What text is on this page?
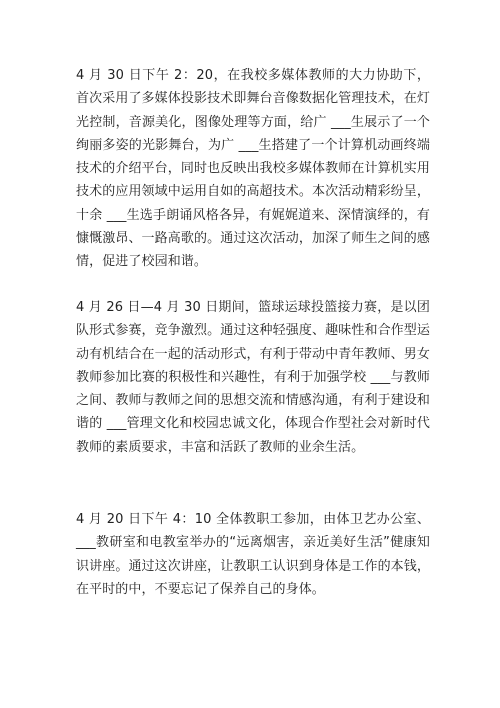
4 月 30 日下午 2：20，在我校多媒体教师的大力协助下，首次采用了多媒体投影技术即舞台音像数据化管理技术，在灯光控制，音源美化，图像处理等方面，给广 ___生展示了一个绚丽多姿的光影舞台，为广 ___生搭建了一个计算机动画终端技术的介绍平台，同时也反映出我校多媒体教师在计算机实用技术的应用领域中运用自如的高超技术。本次活动精彩纷呈，十余 ___生选手朗诵风格各异，有娓娓道来、深情演绎的，有慷慨激昂、一路高歌的。通过这次活动，加深了师生之间的感情，促进了校园和谐。

4 月 26 日—4 月 30 日期间，篮球运球投篮接力赛，是以团队形式参赛，竞争激烈。通过这种轻强度、趣味性和合作型运动有机结合在一起的活动形式，有利于带动中青年教师、男女教师参加比赛的积极性和兴趣性，有利于加强学校 ___与教师之间、教师与教师之间的思想交流和情感沟通，有利于建设和谐的 ___管理文化和校园忠诚文化，体现合作型社会对新时代教师的素质要求，丰富和活跃了教师的业余生活。

4 月 20 日下午 4：10 全体教职工参加，由体卫艺办公室、 ___教研室和电教室举办的“远离烟害，亲近美好生活”健康知识讲座。通过这次讲座，让教职工认识到身体是工作的本钱，在平时的中，不要忘记了保养自己的身体。
